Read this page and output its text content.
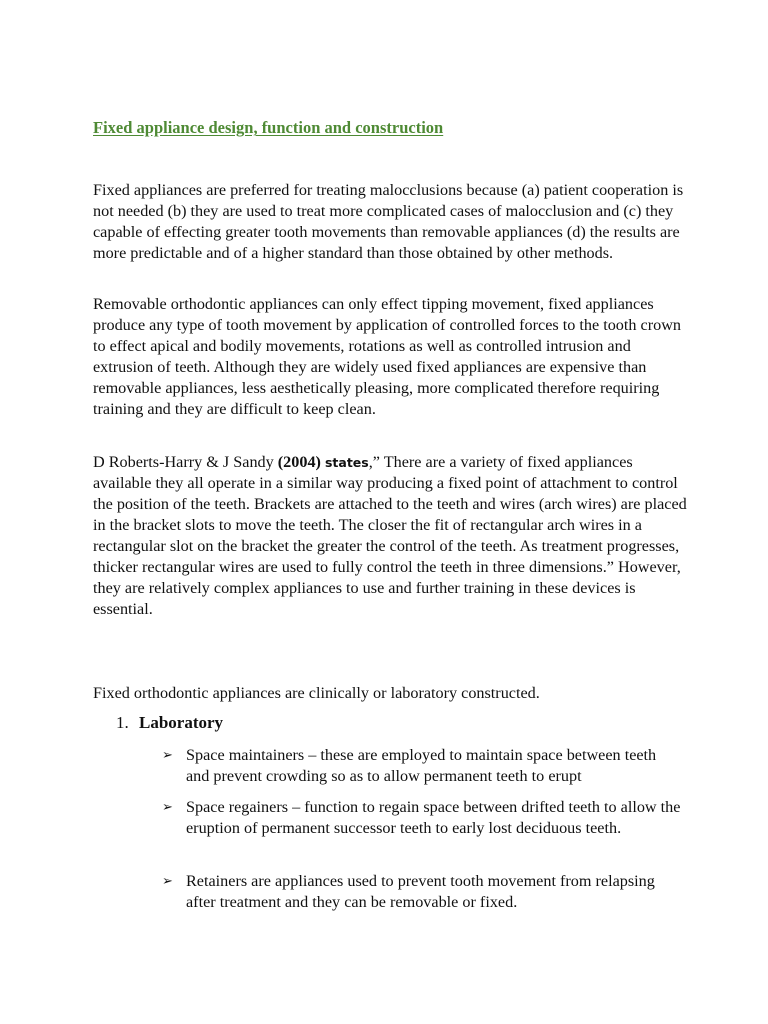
Fixed appliance design, function and construction

Fixed appliances are preferred for treating malocclusions because (a) patient cooperation is not needed (b) they are used to treat more complicated cases of malocclusion and (c) they capable of effecting greater tooth movements than removable appliances (d) the results are more predictable and of a higher standard than those obtained by other methods.

Removable orthodontic appliances can only effect tipping movement, fixed appliances produce any type of tooth movement by application of controlled forces to the tooth crown to effect apical and bodily movements, rotations as well as controlled intrusion and extrusion of teeth. Although they are widely used fixed appliances are expensive than removable appliances, less aesthetically pleasing, more complicated therefore requiring training and they are difficult to keep clean.

D Roberts-Harry & J Sandy (2004) states,” There are a variety of fixed appliances available they all operate in a similar way producing a fixed point of attachment to control the position of the teeth. Brackets are attached to the teeth and wires (arch wires) are placed in the bracket slots to move the teeth. The closer the fit of rectangular arch wires in a rectangular slot on the bracket the greater the control of the teeth. As treatment progresses, thicker rectangular wires are used to fully control the teeth in three dimensions.” However, they are relatively complex appliances to use and further training in these devices is essential.

Fixed orthodontic appliances are clinically or laboratory constructed.

1. Laboratory
➢ Space maintainers – these are employed to maintain space between teeth and prevent crowding so as to allow permanent teeth to erupt
➢ Space regainers – function to regain space between drifted teeth to allow the eruption of permanent successor teeth to early lost deciduous teeth.
➢ Retainers are appliances used to prevent tooth movement from relapsing after treatment and they can be removable or fixed.
